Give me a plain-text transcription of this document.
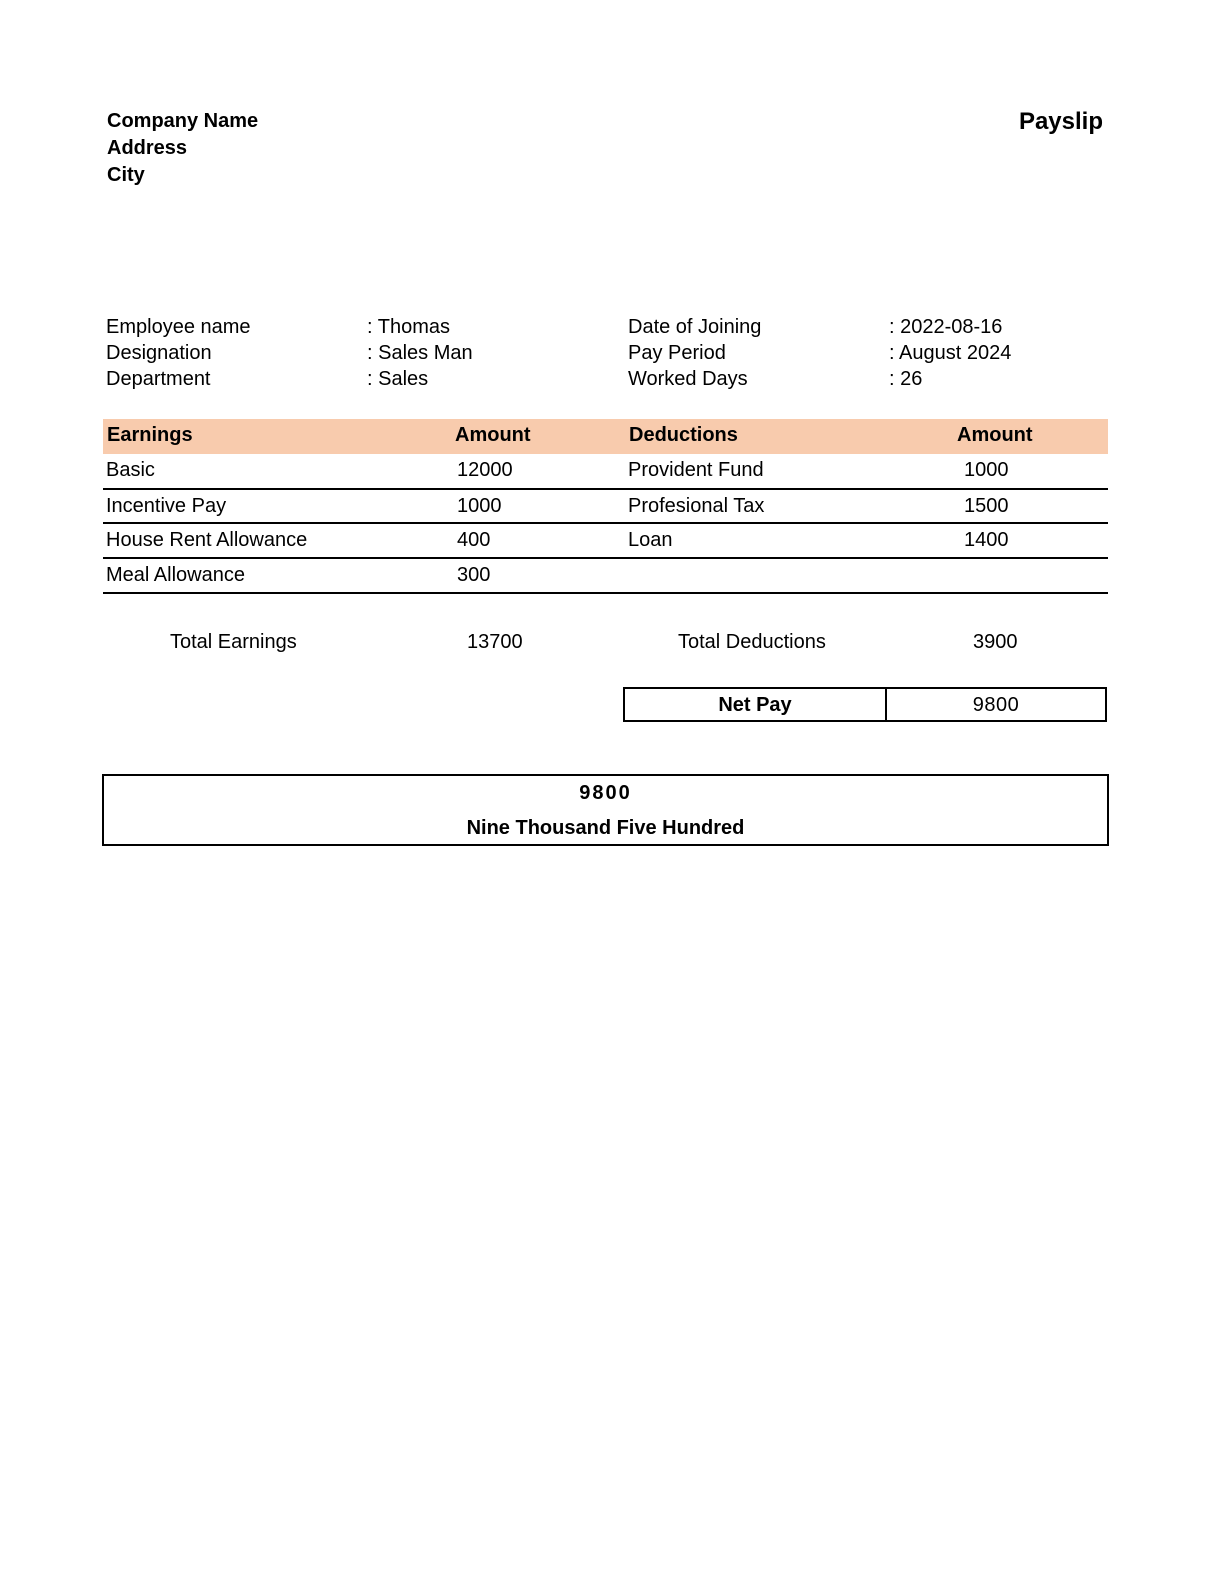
Company Name
Address
City
Payslip
Employee name	: Thomas
Designation	: Sales Man
Department	: Sales
Date of Joining	: 2022-08-16
Pay Period	: August 2024
Worked Days	: 26
Earnings	Amount	Deductions	Amount
Basic	12000	Provident Fund	1000
Incentive Pay	1000	Profesional Tax	1500
House Rent Allowance	400	Loan	1400
Meal Allowance	300
Total Earnings	13700	Total Deductions	3900
Net Pay	9800
9800
Nine Thousand Five Hundred
